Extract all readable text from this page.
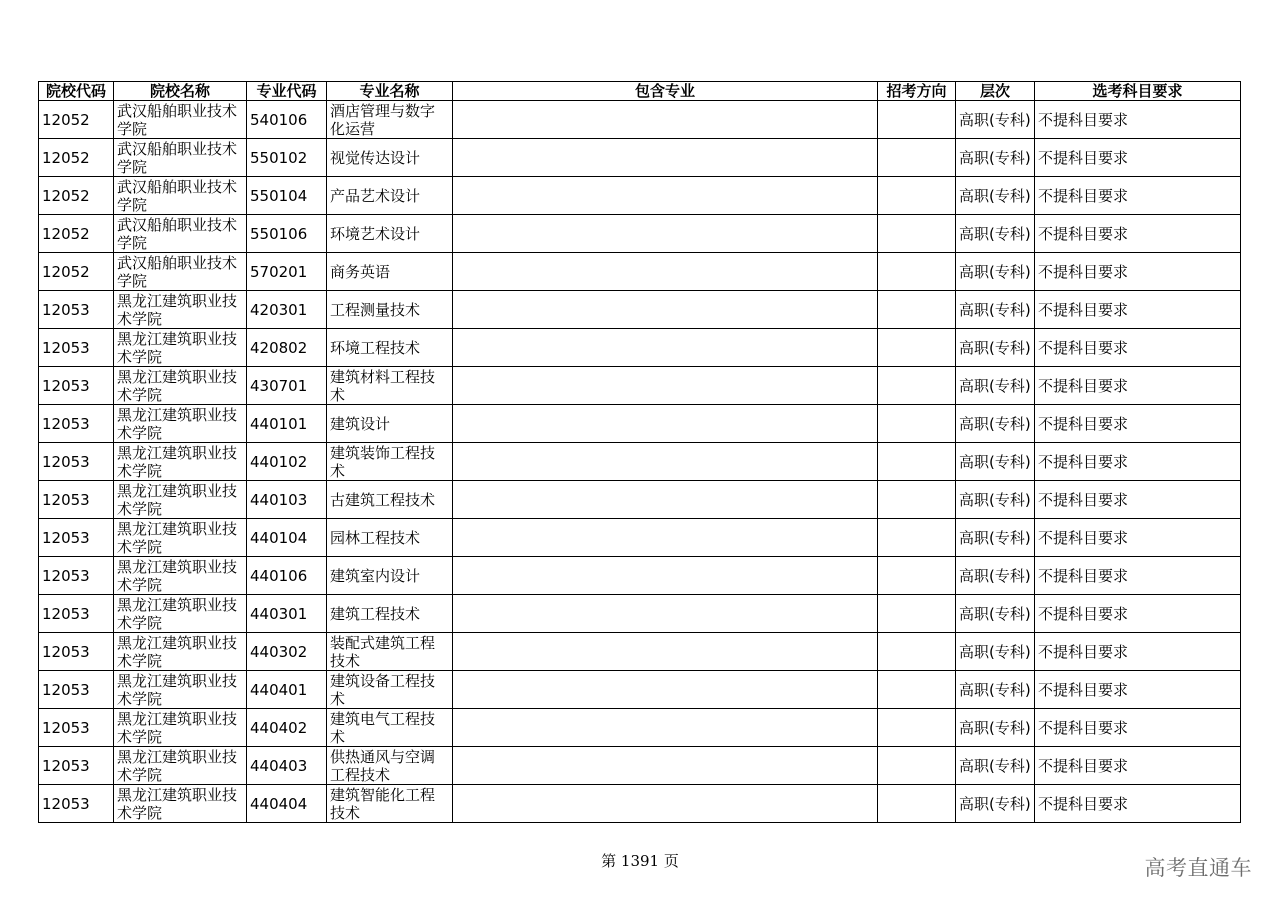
院校代码	院校名称	专业代码	专业名称	包含专业	招考方向	层次	选考科目要求
12052	武汉船舶职业技术学院	540106	酒店管理与数字化运营			高职(专科)	不提科目要求
12052	武汉船舶职业技术学院	550102	视觉传达设计			高职(专科)	不提科目要求
12052	武汉船舶职业技术学院	550104	产品艺术设计			高职(专科)	不提科目要求
12052	武汉船舶职业技术学院	550106	环境艺术设计			高职(专科)	不提科目要求
12052	武汉船舶职业技术学院	570201	商务英语			高职(专科)	不提科目要求
12053	黑龙江建筑职业技术学院	420301	工程测量技术			高职(专科)	不提科目要求
12053	黑龙江建筑职业技术学院	420802	环境工程技术			高职(专科)	不提科目要求
12053	黑龙江建筑职业技术学院	430701	建筑材料工程技术			高职(专科)	不提科目要求
12053	黑龙江建筑职业技术学院	440101	建筑设计			高职(专科)	不提科目要求
12053	黑龙江建筑职业技术学院	440102	建筑装饰工程技术			高职(专科)	不提科目要求
12053	黑龙江建筑职业技术学院	440103	古建筑工程技术			高职(专科)	不提科目要求
12053	黑龙江建筑职业技术学院	440104	园林工程技术			高职(专科)	不提科目要求
12053	黑龙江建筑职业技术学院	440106	建筑室内设计			高职(专科)	不提科目要求
12053	黑龙江建筑职业技术学院	440301	建筑工程技术			高职(专科)	不提科目要求
12053	黑龙江建筑职业技术学院	440302	装配式建筑工程技术			高职(专科)	不提科目要求
12053	黑龙江建筑职业技术学院	440401	建筑设备工程技术			高职(专科)	不提科目要求
12053	黑龙江建筑职业技术学院	440402	建筑电气工程技术			高职(专科)	不提科目要求
12053	黑龙江建筑职业技术学院	440403	供热通风与空调工程技术			高职(专科)	不提科目要求
12053	黑龙江建筑职业技术学院	440404	建筑智能化工程技术			高职(专科)	不提科目要求
第 1391 页	高考直通车
